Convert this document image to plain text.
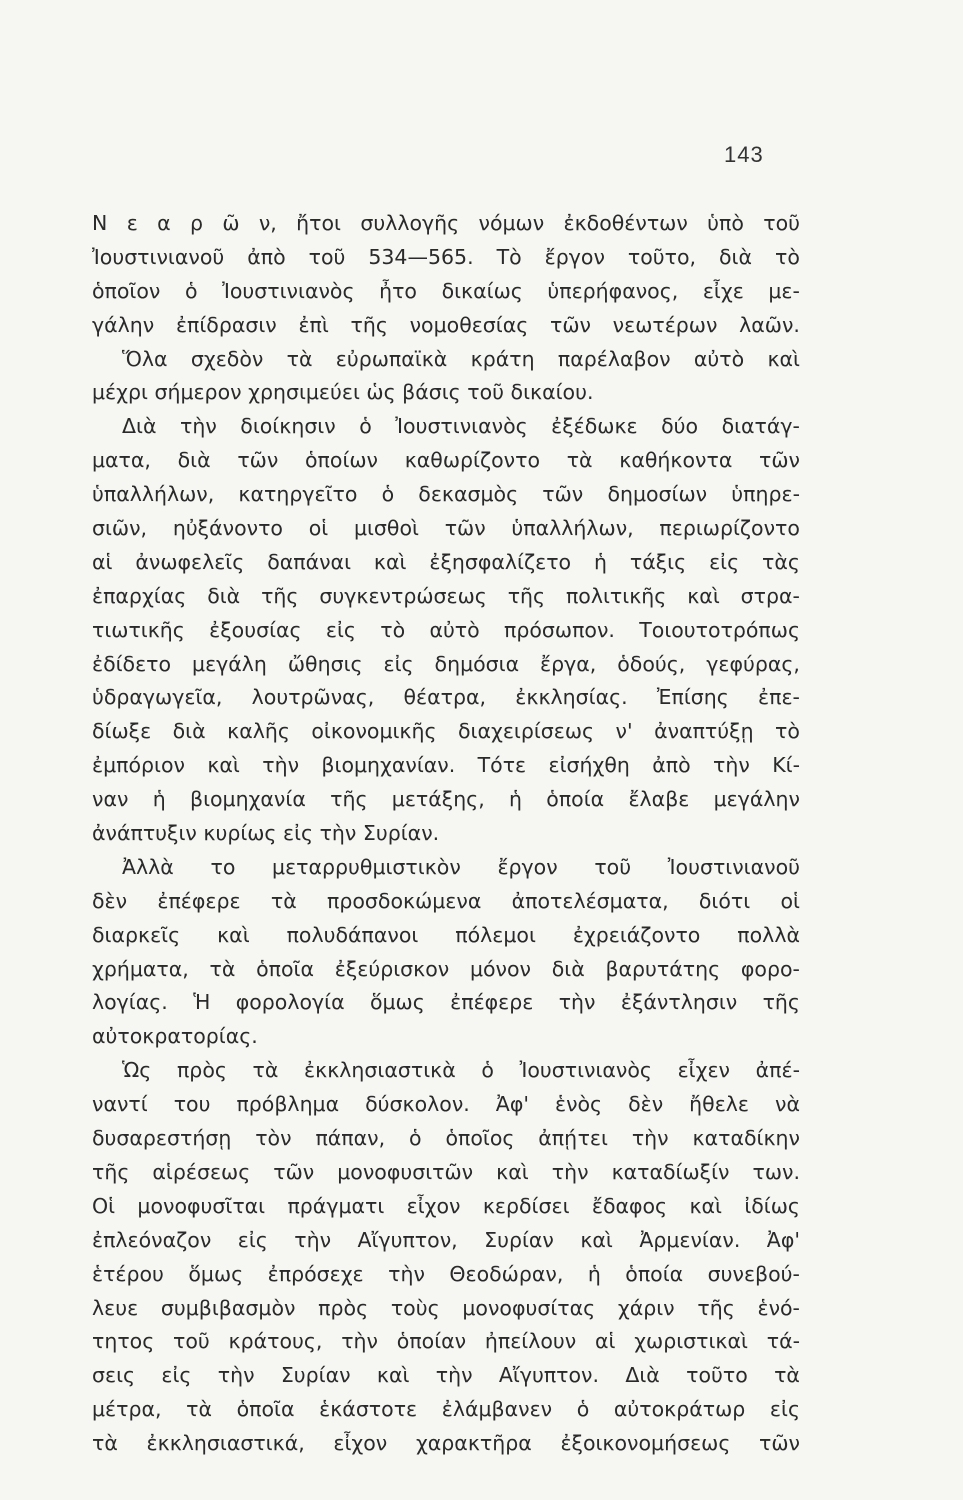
143
Ν ε α ρ ῶ ν, ἤτοι συλλογῆς νόμων ἐκδοθέντων ὑπὸ τοῦ
Ἰουστινιανοῦ ἀπὸ τοῦ 534—565. Τὸ ἔργον τοῦτο, διὰ τὸ
ὁποῖον ὁ Ἰουστινιανὸς ἦτο δικαίως ὑπερήφανος, εἶχε με-
γάλην ἐπίδρασιν ἐπὶ τῆς νομοθεσίας τῶν νεωτέρων λαῶν.
Ὅλα σχεδὸν τὰ εὐρωπαϊκὰ κράτη παρέλαβον αὐτὸ καὶ
μέχρι σήμερον χρησιμεύει ὡς βάσις τοῦ δικαίου.
Διὰ τὴν διοίκησιν ὁ Ἰουστινιανὸς ἐξέδωκε δύο διατάγ-
ματα, διὰ τῶν ὁποίων καθωρίζοντο τὰ καθήκοντα τῶν
ὑπαλλήλων, κατηργεῖτο ὁ δεκασμὸς τῶν δημοσίων ὑπηρε-
σιῶν, ηὐξάνοντο οἱ μισθοὶ τῶν ὑπαλλήλων, περιωρίζοντο
αἱ ἀνωφελεῖς δαπάναι καὶ ἐξησφαλίζετο ἡ τάξις εἰς τὰς
ἐπαρχίας διὰ τῆς συγκεντρώσεως τῆς πολιτικῆς καὶ στρα-
τιωτικῆς ἐξουσίας εἰς τὸ αὐτὸ πρόσωπον. Τοιουτοτρόπως
ἐδίδετο μεγάλη ὤθησις εἰς δημόσια ἔργα, ὁδούς, γεφύρας,
ὑδραγωγεῖα, λουτρῶνας, θέατρα, ἐκκλησίας. Ἐπίσης ἐπε-
δίωξε διὰ καλῆς οἰκονομικῆς διαχειρίσεως ν' ἀναπτύξῃ τὸ
ἐμπόριον καὶ τὴν βιομηχανίαν. Τότε εἰσήχθη ἀπὸ τὴν Κί-
ναν ἡ βιομηχανία τῆς μετάξης, ἡ ὁποία ἔλαβε μεγάλην
ἀνάπτυξιν κυρίως εἰς τὴν Συρίαν.
Ἀλλὰ το μεταρρυθμιστικὸν ἔργον τοῦ Ἰουστινιανοῦ
δὲν ἐπέφερε τὰ προσδοκώμενα ἀποτελέσματα, διότι οἱ
διαρκεῖς καὶ πολυδάπανοι πόλεμοι ἐχρειάζοντο πολλὰ
χρήματα, τὰ ὁποῖα ἐξεύρισκον μόνον διὰ βαρυτάτης φορο-
λογίας. Ἡ φορολογία ὅμως ἐπέφερε τὴν ἐξάντλησιν τῆς
αὐτοκρατορίας.
Ὡς πρὸς τὰ ἐκκλησιαστικὰ ὁ Ἰουστινιανὸς εἶχεν ἀπέ-
ναντί του πρόβλημα δύσκολον. Ἀφ' ἑνὸς δὲν ἤθελε νὰ
δυσαρεστήσῃ τὸν πάπαν, ὁ ὁποῖος ἀπῄτει τὴν καταδίκην
τῆς αἱρέσεως τῶν μονοφυσιτῶν καὶ τὴν καταδίωξίν των.
Οἱ μονοφυσῖται πράγματι εἶχον κερδίσει ἔδαφος καὶ ἰδίως
ἐπλεόναζον εἰς τὴν Αἴγυπτον, Συρίαν καὶ Ἀρμενίαν. Ἀφ'
ἑτέρου ὅμως ἐπρόσεχε τὴν Θεοδώραν, ἡ ὁποία συνεβού-
λευε συμβιβασμὸν πρὸς τοὺς μονοφυσίτας χάριν τῆς ἑνό-
τητος τοῦ κράτους, τὴν ὁποίαν ἠπείλουν αἱ χωριστικαὶ τά-
σεις εἰς τὴν Συρίαν καὶ τὴν Αἴγυπτον. Διὰ τοῦτο τὰ
μέτρα, τὰ ὁποῖα ἑκάστοτε ἐλάμβανεν ὁ αὐτοκράτωρ εἰς
τὰ ἐκκλησιαστικά, εἶχον χαρακτῆρα ἐξοικονομήσεως τῶν
